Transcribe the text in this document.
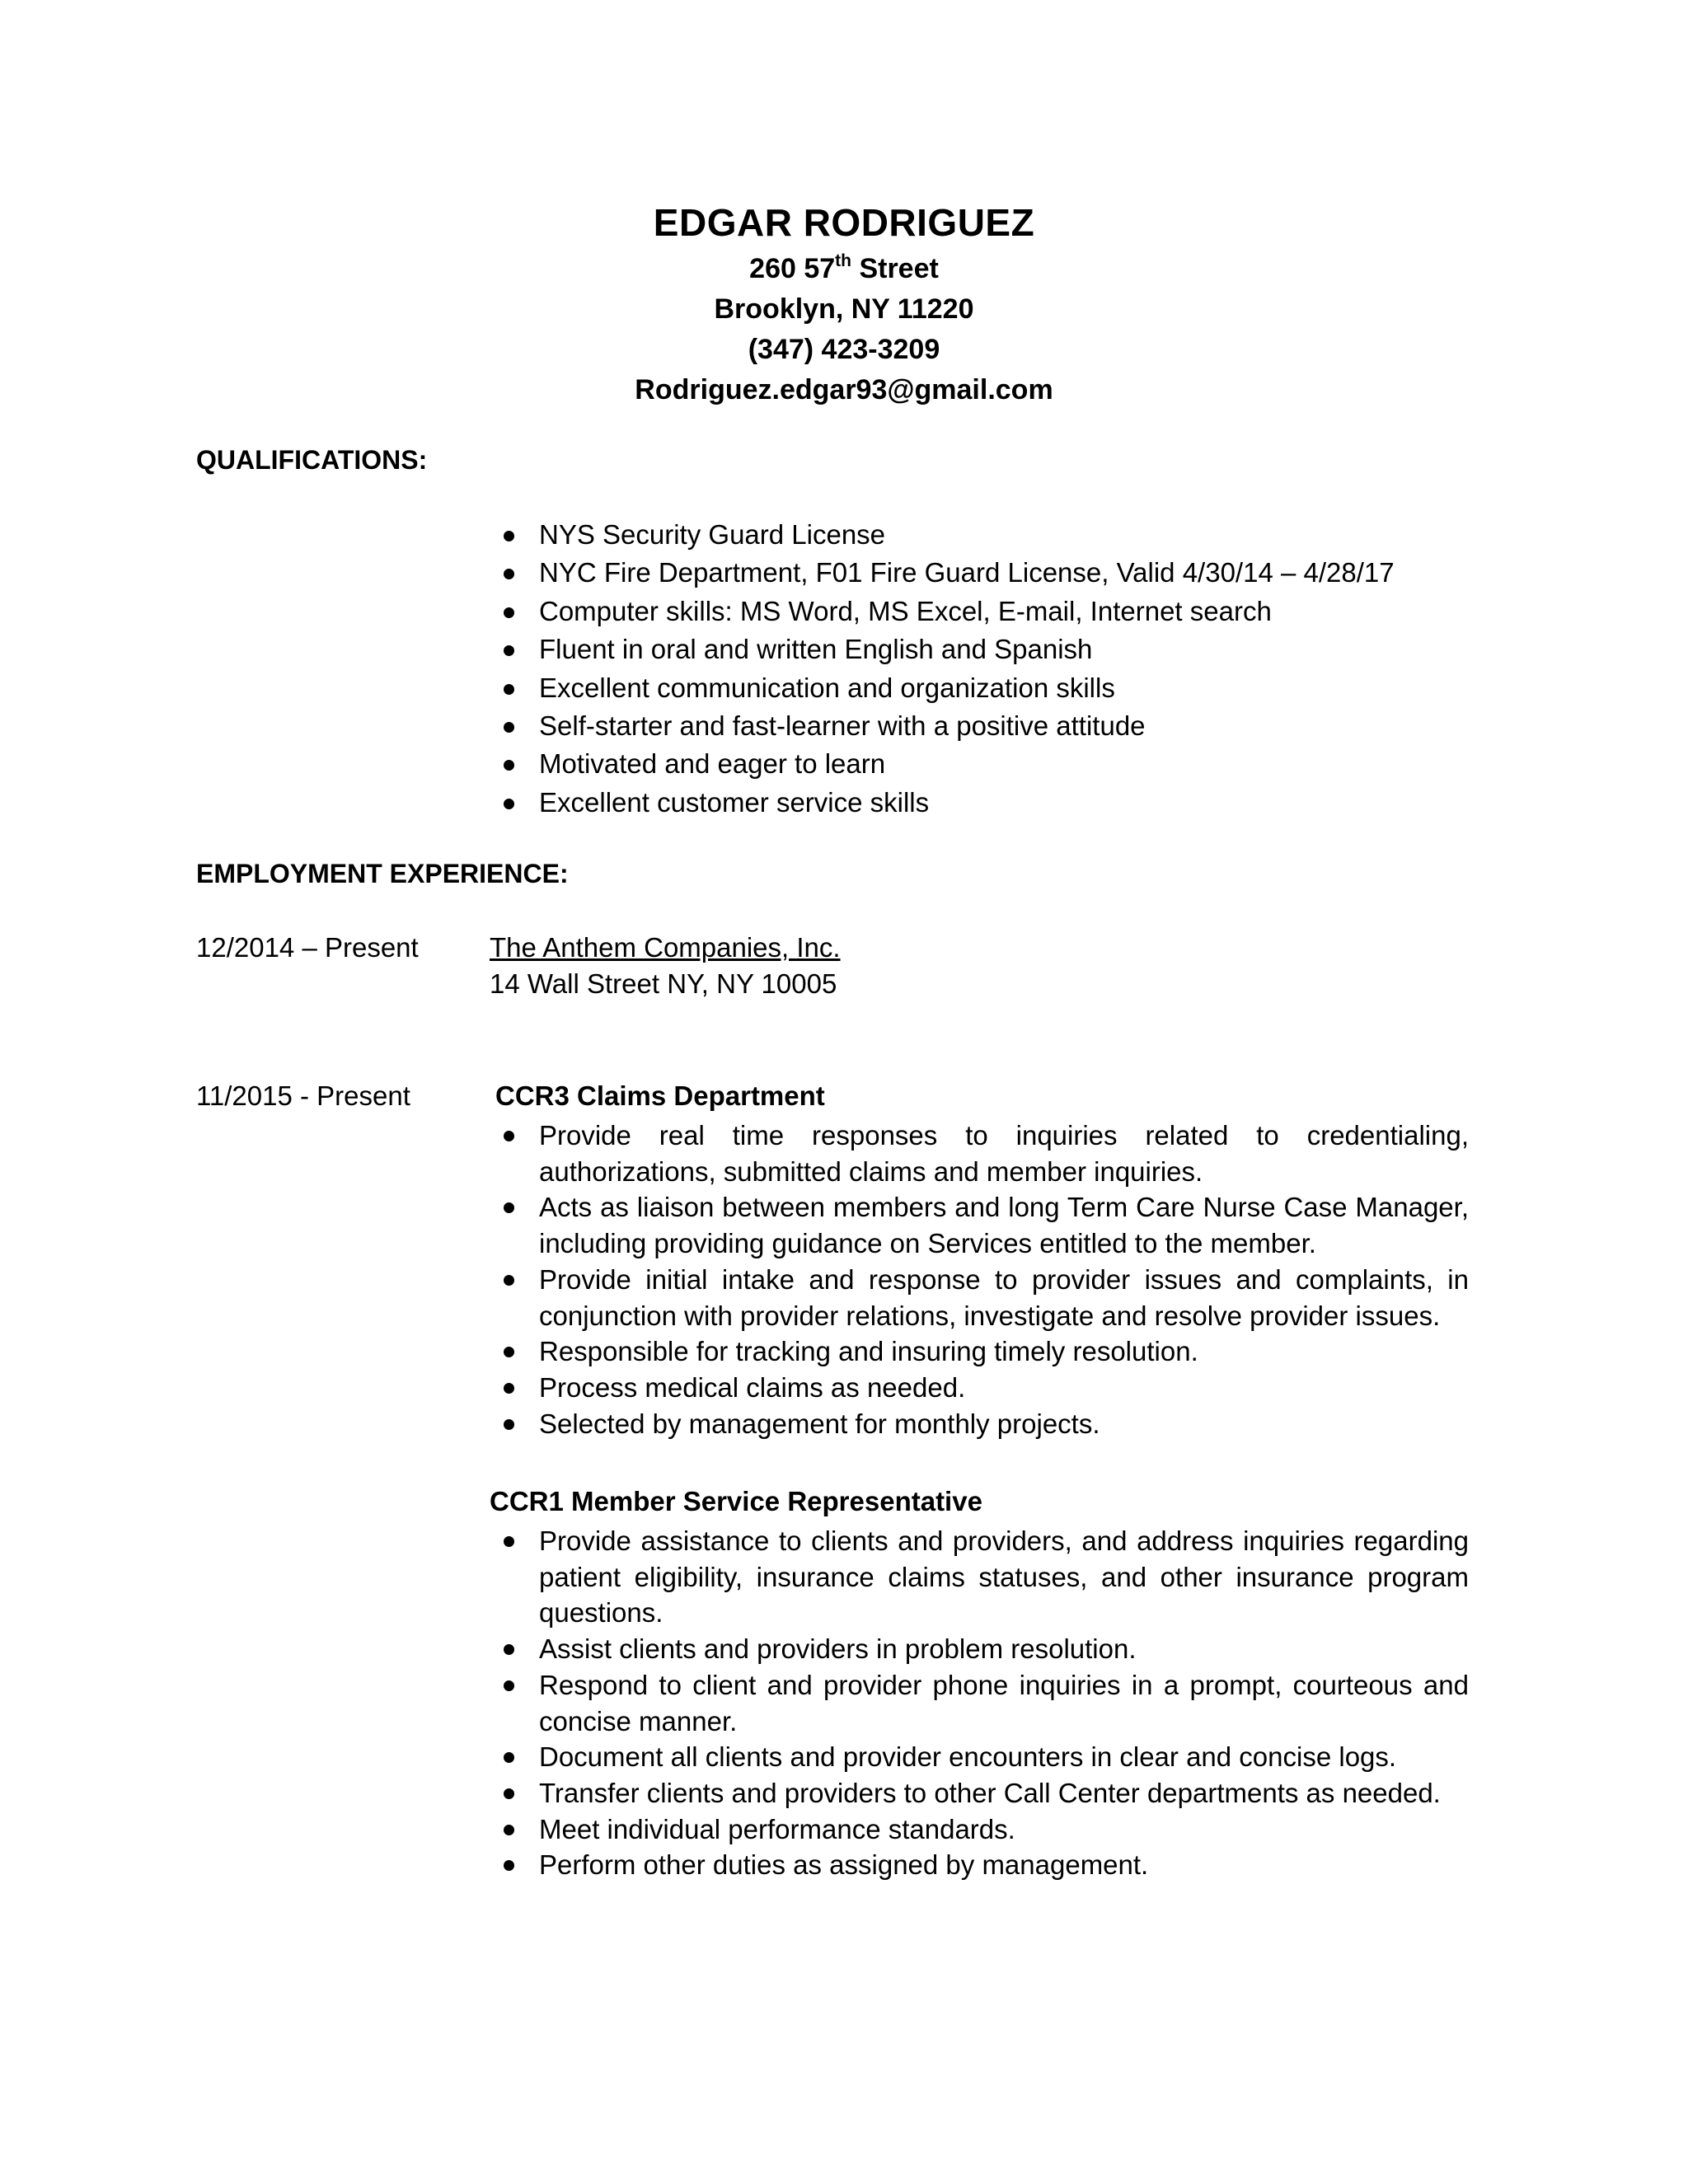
EDGAR RODRIGUEZ
260 57th Street
Brooklyn, NY 11220
(347) 423-3209
Rodriguez.edgar93@gmail.com
QUALIFICATIONS:
NYS Security Guard License
NYC Fire Department, F01 Fire Guard License, Valid 4/30/14 – 4/28/17
Computer skills: MS Word, MS Excel, E-mail, Internet search
Fluent in oral and written English and Spanish
Excellent communication and organization skills
Self-starter and fast-learner with a positive attitude
Motivated and eager to learn
Excellent customer service skills
EMPLOYMENT EXPERIENCE:
12/2014 – Present	The Anthem Companies, Inc.
14 Wall Street NY, NY 10005
11/2015 - Present	CCR3 Claims Department
Provide real time responses to inquiries related to credentialing, authorizations, submitted claims and member inquiries.
Acts as liaison between members and long Term Care Nurse Case Manager, including providing guidance on Services entitled to the member.
Provide initial intake and response to provider issues and complaints, in conjunction with provider relations, investigate and resolve provider issues.
Responsible for tracking and insuring timely resolution.
Process medical claims as needed.
Selected by management for monthly projects.
CCR1 Member Service Representative
Provide assistance to clients and providers, and address inquiries regarding patient eligibility, insurance claims statuses, and other insurance program questions.
Assist clients and providers in problem resolution.
Respond to client and provider phone inquiries in a prompt, courteous and concise manner.
Document all clients and provider encounters in clear and concise logs.
Transfer clients and providers to other Call Center departments as needed.
Meet individual performance standards.
Perform other duties as assigned by management.
